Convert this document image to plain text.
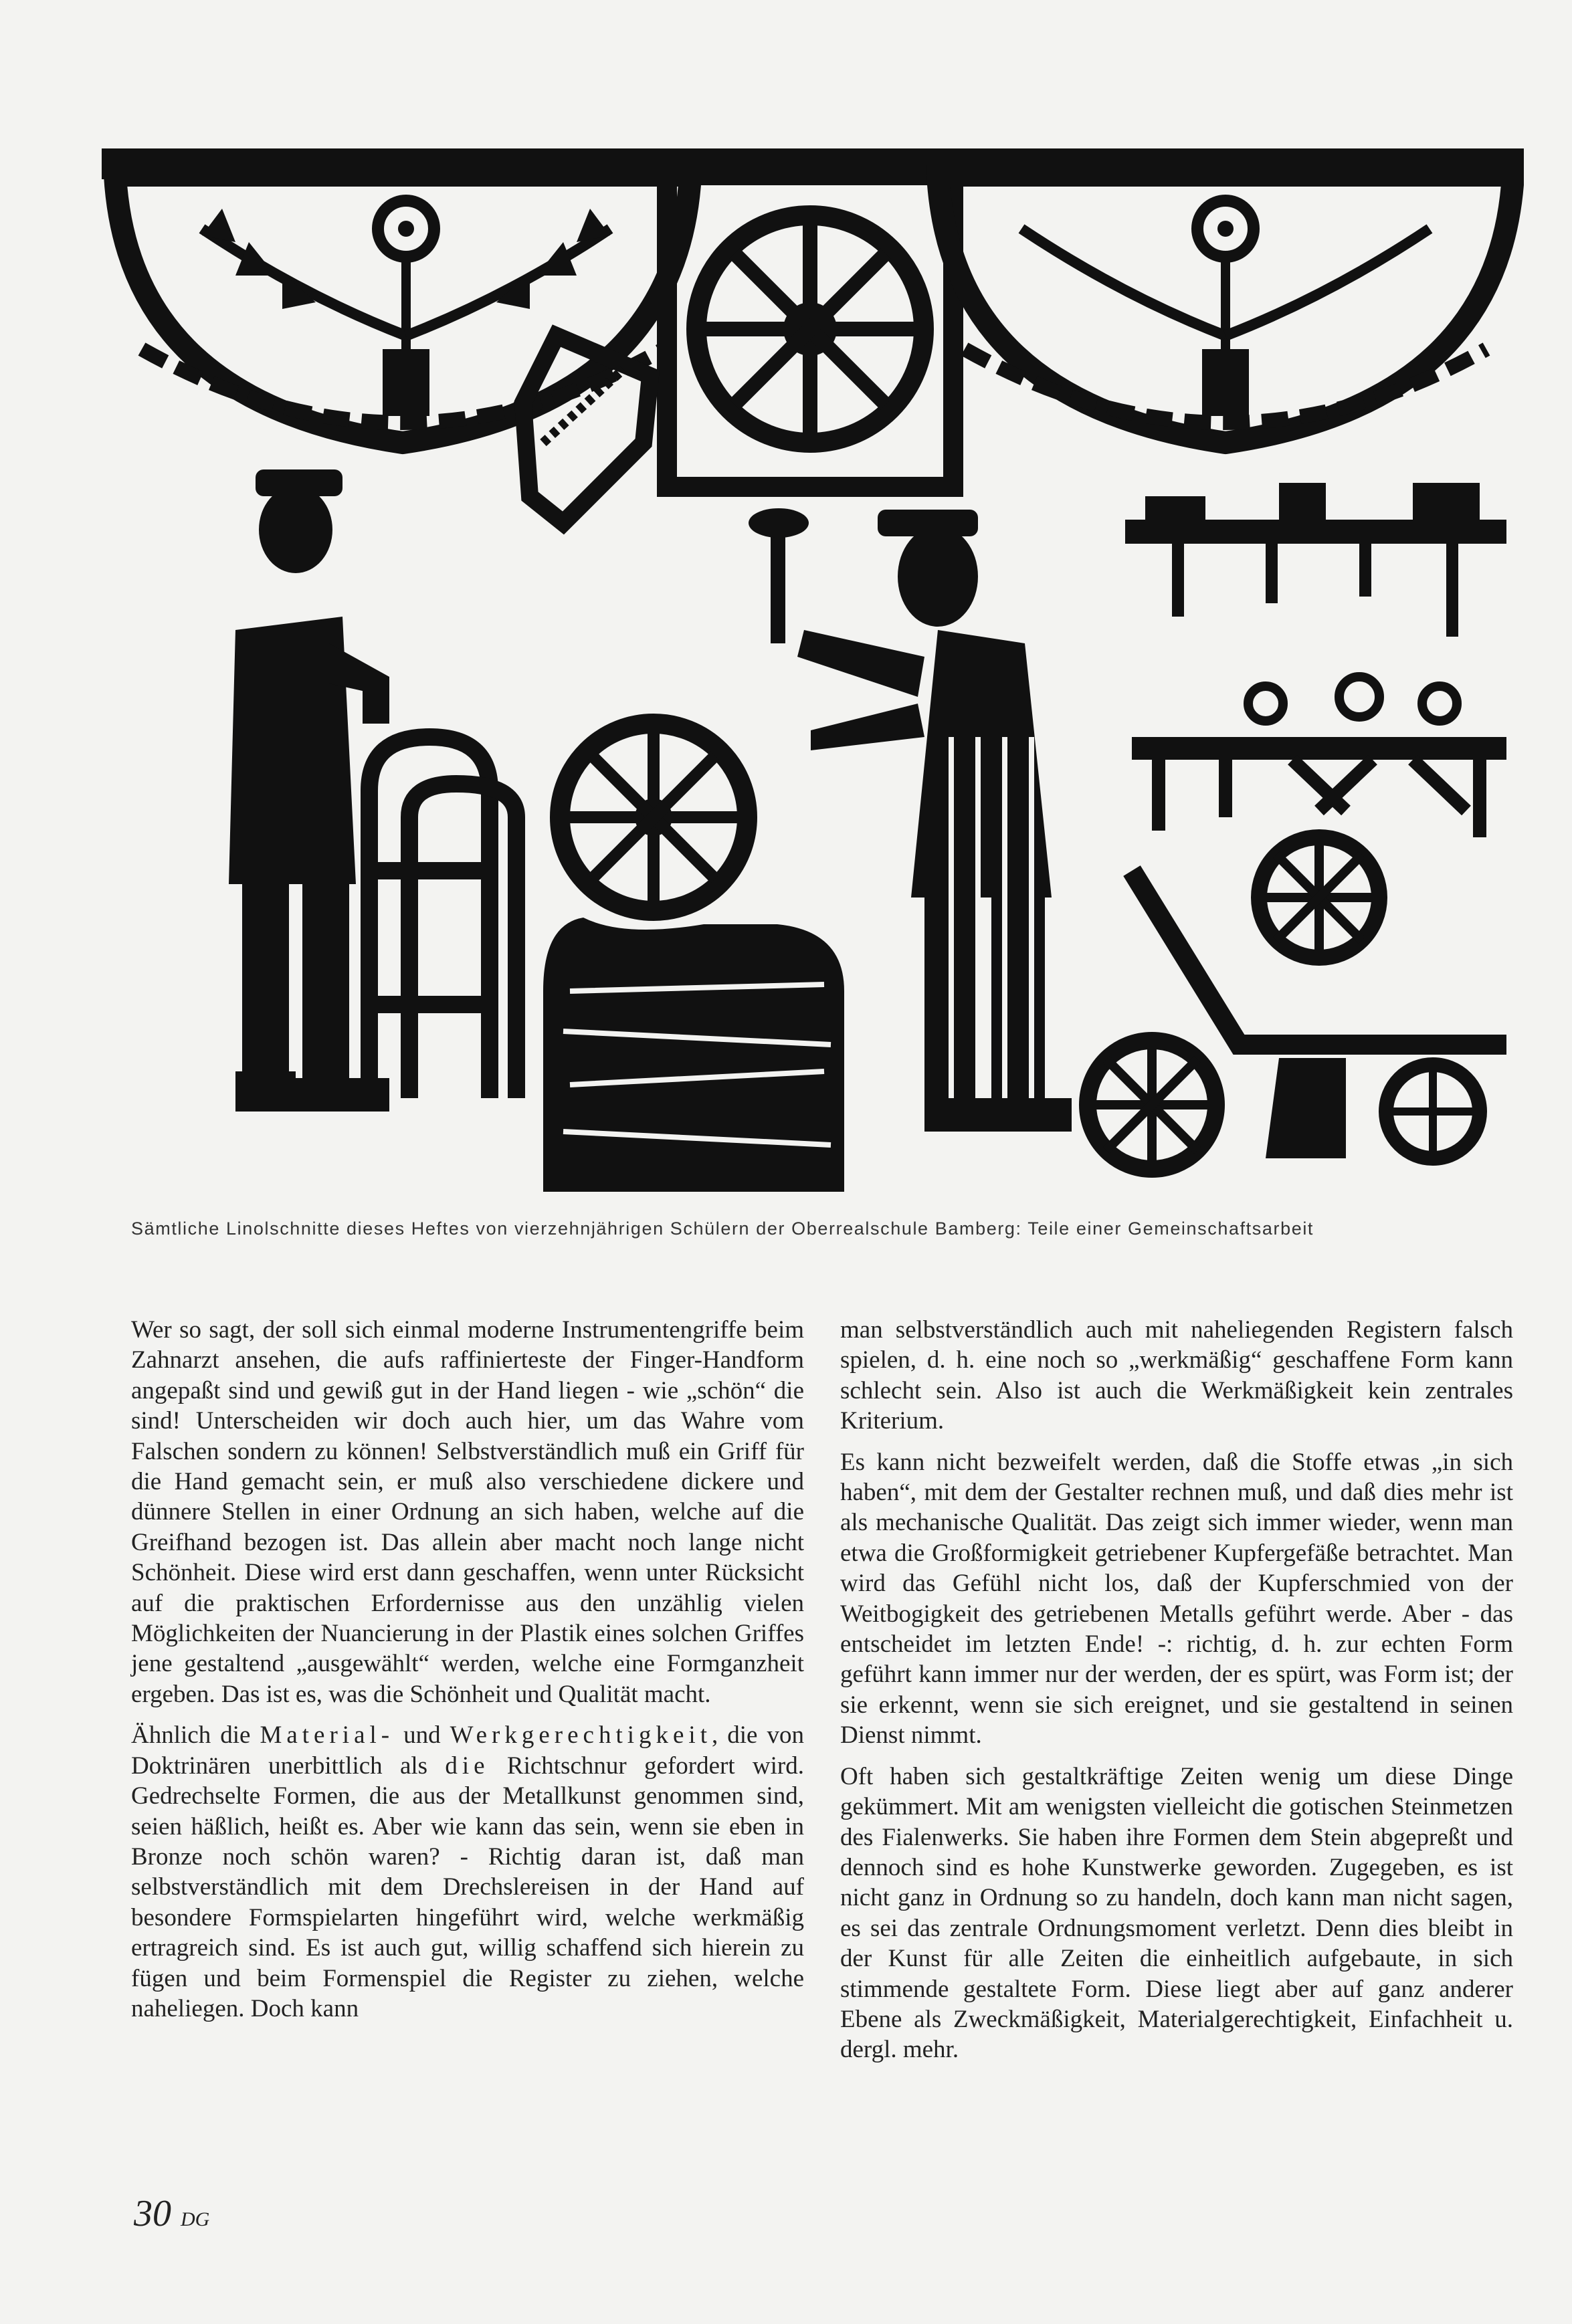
Sämtliche Linolschnitte dieses Heftes von vierzehnjährigen Schülern der Oberrealschule Bamberg: Teile einer Gemeinschaftsarbeit

Wer so sagt, der soll sich einmal moderne Instrumentengriffe beim Zahnarzt ansehen, die aufs raffinierteste der Finger-Handform angepaßt sind und gewiß gut in der Hand liegen - wie „schön“ die sind! Unterscheiden wir doch auch hier, um das Wahre vom Falschen sondern zu können! Selbstverständlich muß ein Griff für die Hand gemacht sein, er muß also verschiedene dickere und dünnere Stellen in einer Ordnung an sich haben, welche auf die Greifhand bezogen ist. Das allein aber macht noch lange nicht Schönheit. Diese wird erst dann geschaffen, wenn unter Rücksicht auf die praktischen Erfordernisse aus den unzählig vielen Möglichkeiten der Nuancierung in der Plastik eines solchen Griffes jene gestaltend „ausgewählt“ werden, welche eine Formganzheit ergeben. Das ist es, was die Schönheit und Qualität macht.

Ähnlich die Material- und Werkgerechtigkeit, die von Doktrinären unerbittlich als die Richtschnur gefordert wird. Gedrechselte Formen, die aus der Metallkunst genommen sind, seien häßlich, heißt es. Aber wie kann das sein, wenn sie eben in Bronze noch schön waren? - Richtig daran ist, daß man selbstverständlich mit dem Drechslereisen in der Hand auf besondere Formspielarten hingeführt wird, welche werkmäßig ertragreich sind. Es ist auch gut, willig schaffend sich hierein zu fügen und beim Formenspiel die Register zu ziehen, welche naheliegen. Doch kann

man selbstverständlich auch mit naheliegenden Registern falsch spielen, d. h. eine noch so „werkmäßig“ geschaffene Form kann schlecht sein. Also ist auch die Werkmäßigkeit kein zentrales Kriterium.

Es kann nicht bezweifelt werden, daß die Stoffe etwas „in sich haben“, mit dem der Gestalter rechnen muß, und daß dies mehr ist als mechanische Qualität. Das zeigt sich immer wieder, wenn man etwa die Großformigkeit getriebener Kupfergefäße betrachtet. Man wird das Gefühl nicht los, daß der Kupferschmied von der Weitbogigkeit des getriebenen Metalls geführt werde. Aber - das entscheidet im letzten Ende! -: richtig, d. h. zur echten Form geführt kann immer nur der werden, der es spürt, was Form ist; der sie erkennt, wenn sie sich ereignet, und sie gestaltend in seinen Dienst nimmt.

Oft haben sich gestaltkräftige Zeiten wenig um diese Dinge gekümmert. Mit am wenigsten vielleicht die gotischen Steinmetzen des Fialenwerks. Sie haben ihre Formen dem Stein abgepreßt und dennoch sind es hohe Kunstwerke geworden. Zugegeben, es ist nicht ganz in Ordnung so zu handeln, doch kann man nicht sagen, es sei das zentrale Ordnungsmoment verletzt. Denn dies bleibt in der Kunst für alle Zeiten die einheitlich aufgebaute, in sich stimmende gestaltete Form. Diese liegt aber auf ganz anderer Ebene als Zweckmäßigkeit, Materialgerechtigkeit, Einfachheit u. dergl. mehr.

30 DG
